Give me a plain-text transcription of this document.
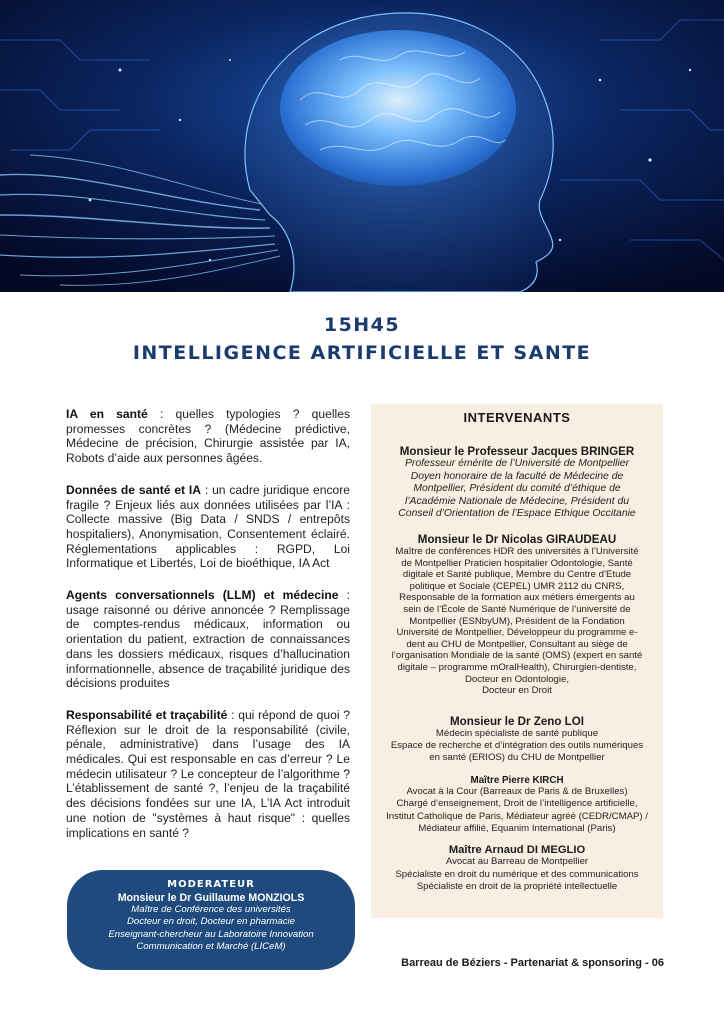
15H45
INTELLIGENCE ARTIFICIELLE ET SANTE

IA en santé : quelles typologies ? quelles promesses concrètes ? (Médecine prédictive, Médecine de précision, Chirurgie assistée par IA, Robots d’aide aux personnes âgées.

Données de santé et IA : un cadre juridique encore fragile ? Enjeux liés aux données utilisées par l’IA : Collecte massive (Big Data / SNDS / entrepôts hospitaliers), Anonymisation, Consentement éclairé. Réglementations applicables : RGPD, Loi Informatique et Libertés, Loi de bioéthique, IA Act

Agents conversationnels (LLM) et médecine : usage raisonné ou dérive annoncée ? Remplissage de comptes-rendus médicaux, information ou orientation du patient, extraction de connaissances dans les dossiers médicaux, risques d’hallucination informationnelle, absence de traçabilité juridique des décisions produites

Responsabilité et traçabilité : qui répond de quoi ? Réflexion sur le droit de la responsabilité (civile, pénale, administrative) dans l’usage des IA médicales. Qui est responsable en cas d’erreur ? Le médecin utilisateur ? Le concepteur de l’algorithme ? L’établissement de santé ?, l’enjeu de la traçabilité des décisions fondées sur une IA, L’IA Act introduit une notion de "systèmes à haut risque" : quelles implications en santé ?

INTERVENANTS
Monsieur le Professeur Jacques BRINGER
Professeur émérite de l’Université de Montpellier
Doyen honoraire de la faculté de Médecine de
Montpellier, Président du comité d’éthique de
l’Académie Nationale de Médecine, Président du
Conseil d’Orientation de l’Espace Ethique Occitanie
Monsieur le Dr Nicolas GIRAUDEAU
Maître de conférences HDR des universités à l’Université
de Montpellier Praticien hospitalier Odontologie, Santé
digitale et Santé publique, Membre du Centre d’Etude
politique et Sociale (CEPEL) UMR 2112 du CNRS,
Responsable de la formation aux métiers émergents au
sein de l’École de Santé Numérique de l’université de
Montpellier (ESNbyUM), Président de la Fondation
Université de Montpellier, Développeur du programme e-
dent au CHU de Montpellier, Consultant au siège de
l’organisation Mondiale de la santé (OMS) (expert en santé
digitale – programme mOralHealth), Chirurgien-dentiste,
Docteur en Odontologie,
Docteur en Droit
Monsieur le Dr Zeno LOI
Médecin spécialiste de santé publique
Espace de recherche et d’intégration des outils numériques
en santé (ERIOS) du CHU de Montpellier
Maître Pierre KIRCH
Avocat à la Cour (Barreaux de Paris & de Bruxelles)
Chargé d’enseignement, Droit de l’intelligence artificielle,
Institut Catholique de Paris, Médiateur agréé (CEDR/CMAP) /
Médiateur affilié, Equanim International (Paris)
Maître Arnaud DI MEGLIO
Avocat au Barreau de Montpellier
Spécialiste en droit du numérique et des communications
Spécialiste en droit de la propriété intellectuelle
MODERATEUR
Monsieur le Dr Guillaume MONZIOLS
Maître de Conférence des universités
Docteur en droit, Docteur en pharmacie
Enseignant-chercheur au Laboratoire Innovation
Communication et Marché (LICeM)
Barreau de Béziers - Partenariat & sponsoring - 06
